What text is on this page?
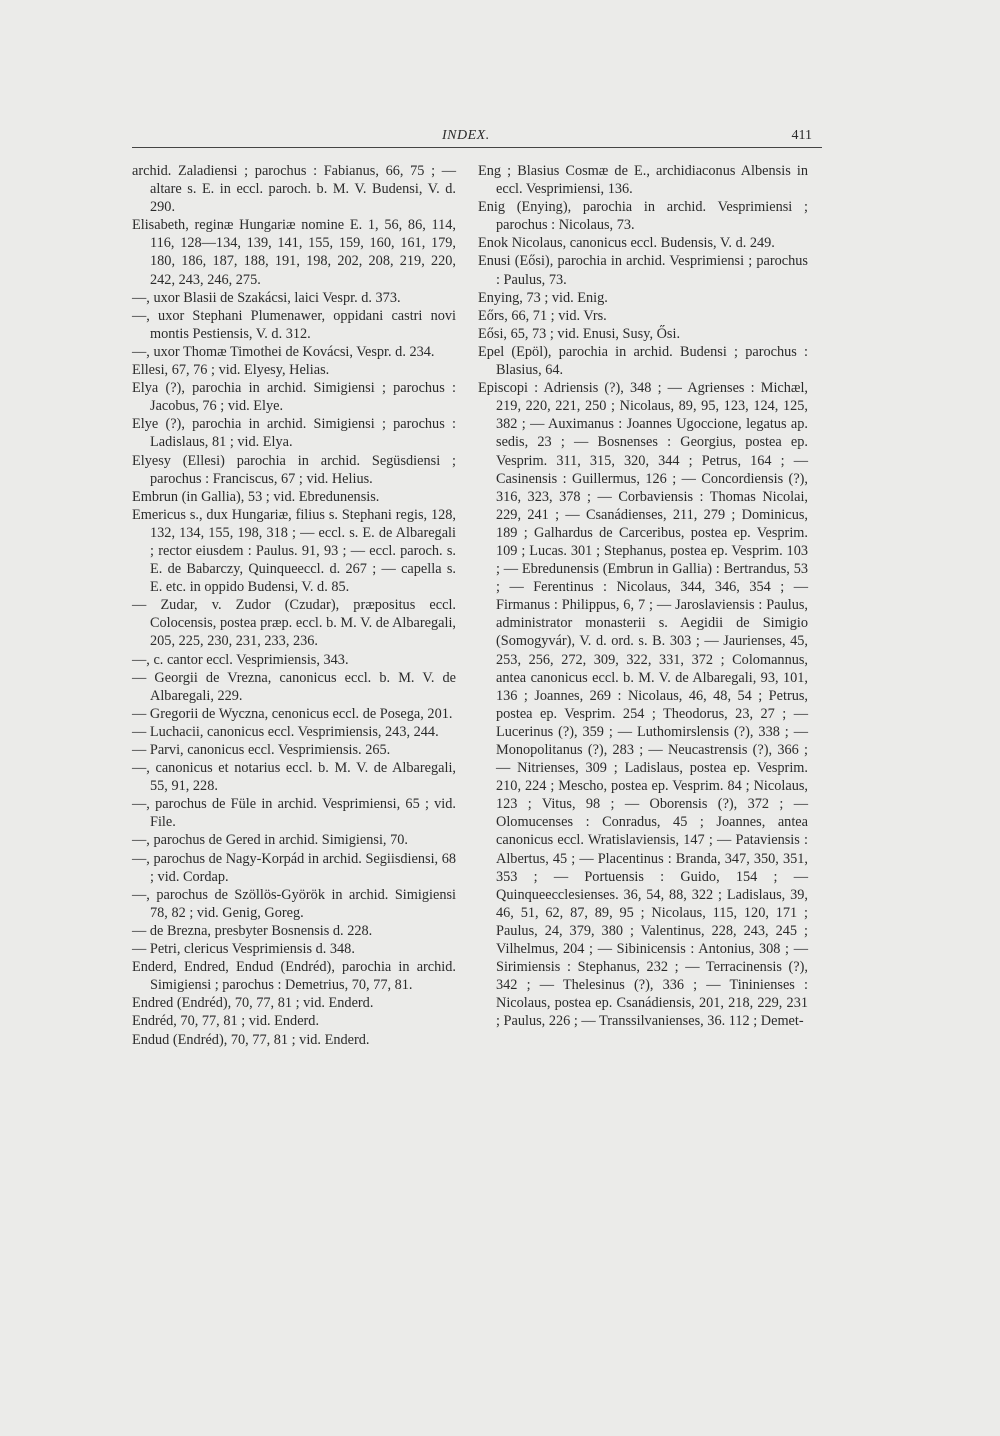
INDEX.	411

archid. Zaladiensi ; parochus : Fabianus, 66, 75 ; — altare s. E. in eccl. paroch. b. M. V. Budensi, V. d. 290.

Elisabeth, reginæ Hungariæ nomine E. 1, 56, 86, 114, 116, 128—134, 139, 141, 155, 159, 160, 161, 179, 180, 186, 187, 188, 191, 198, 202, 208, 219, 220, 242, 243, 246, 275.

—, uxor Blasii de Szakácsi, laici Vespr. d. 373.

—, uxor Stephani Plumenawer, oppidani castri novi montis Pestiensis, V. d. 312.

—, uxor Thomæ Timothei de Kovácsi, Vespr. d. 234.

Ellesi, 67, 76 ; vid. Elyesy, Helias.

Elya (?), parochia in archid. Simigiensi ; parochus : Jacobus, 76 ; vid. Elye.

Elye (?), parochia in archid. Simigiensi ; parochus : Ladislaus, 81 ; vid. Elya.

Elyesy (Ellesi) parochia in archid. Següsdiensi ; parochus : Franciscus, 67 ; vid. Helius.

Embrun (in Gallia), 53 ; vid. Ebredunensis.

Emericus s., dux Hungariæ, filius s. Stephani regis, 128, 132, 134, 155, 198, 318 ; — eccl. s. E. de Albaregali ; rector eiusdem : Paulus. 91, 93 ; — eccl. paroch. s. E. de Babarczy, Quinqueeccl. d. 267 ; — capella s. E. etc. in oppido Budensi, V. d. 85.

— Zudar, v. Zudor (Czudar), præpositus eccl. Colocensis, postea præp. eccl. b. M. V. de Albaregali, 205, 225, 230, 231, 233, 236.

—, c. cantor eccl. Vesprimiensis, 343.

— Georgii de Vrezna, canonicus eccl. b. M. V. de Albaregali, 229.

— Gregorii de Wyczna, cenonicus eccl. de Posega, 201.

— Luchacii, canonicus eccl. Vesprimiensis, 243, 244.

— Parvi, canonicus eccl. Vesprimiensis. 265.

—, canonicus et notarius eccl. b. M. V. de Albaregali, 55, 91, 228.

—, parochus de Füle in archid. Vesprimiensi, 65 ; vid. File.

—, parochus de Gered in archid. Simigiensi, 70.

—, parochus de Nagy-Korpád in archid. Segiisdiensi, 68 ; vid. Cordap.

—, parochus de Szöllös-Györök in archid. Simigiensi 78, 82 ; vid. Genig, Goreg.

— de Brezna, presbyter Bosnensis d. 228.

— Petri, clericus Vesprimiensis d. 348.

Enderd, Endred, Endud (Endréd), parochia in archid. Simigiensi ; parochus : Demetrius, 70, 77, 81.

Endred (Endréd), 70, 77, 81 ; vid. Enderd.

Endréd, 70, 77, 81 ; vid. Enderd.

Endud (Endréd), 70, 77, 81 ; vid. Enderd.

Eng ; Blasius Cosmæ de E., archidiaconus Albensis in eccl. Vesprimiensi, 136.

Enig (Enying), parochia in archid. Vesprimiensi ; parochus : Nicolaus, 73.

Enok Nicolaus, canonicus eccl. Budensis, V. d. 249.

Enusi (Eősi), parochia in archid. Vesprimiensi ; parochus : Paulus, 73.

Enying, 73 ; vid. Enig.

Eőrs, 66, 71 ; vid. Vrs.

Eősi, 65, 73 ; vid. Enusi, Susy, Ősi.

Epel (Epöl), parochia in archid. Budensi ; parochus : Blasius, 64.

Episcopi : Adriensis (?), 348 ; — Agrienses : Michæl, 219, 220, 221, 250 ; Nicolaus, 89, 95, 123, 124, 125, 382 ; — Auximanus : Joannes Ugoccione, legatus ap. sedis, 23 ; — Bosnenses : Georgius, postea ep. Vesprim. 311, 315, 320, 344 ; Petrus, 164 ; — Casinensis : Guillermus, 126 ; — Concordiensis (?), 316, 323, 378 ; — Corbaviensis : Thomas Nicolai, 229, 241 ; — Csanádienses, 211, 279 ; Dominicus, 189 ; Galhardus de Carceribus, postea ep. Vesprim. 109 ; Lucas. 301 ; Stephanus, postea ep. Vesprim. 103 ; — Ebredunensis (Embrun in Gallia) : Bertrandus, 53 ; — Ferentinus : Nicolaus, 344, 346, 354 ; — Firmanus : Philippus, 6, 7 ; — Jaroslaviensis : Paulus, administrator monasterii s. Aegidii de Simigio (Somogyvár), V. d. ord. s. B. 303 ; — Jaurienses, 45, 253, 256, 272, 309, 322, 331, 372 ; Colomannus, antea canonicus eccl. b. M. V. de Albaregali, 93, 101, 136 ; Joannes, 269 : Nicolaus, 46, 48, 54 ; Petrus, postea ep. Vesprim. 254 ; Theodorus, 23, 27 ; — Lucerinus (?), 359 ; — Luthomirslensis (?), 338 ; — Monopolitanus (?), 283 ; — Neucastrensis (?), 366 ; — Nitrienses, 309 ; Ladislaus, postea ep. Vesprim. 210, 224 ; Mescho, postea ep. Vesprim. 84 ; Nicolaus, 123 ; Vitus, 98 ; — Oborensis (?), 372 ; — Olomucenses : Conradus, 45 ; Joannes, antea canonicus eccl. Wratislaviensis, 147 ; — Pataviensis : Albertus, 45 ; — Placentinus : Branda, 347, 350, 351, 353 ; — Portuensis : Guido, 154 ; — Quinqueecclesienses. 36, 54, 88, 322 ; Ladislaus, 39, 46, 51, 62, 87, 89, 95 ; Nicolaus, 115, 120, 171 ; Paulus, 24, 379, 380 ; Valentinus, 228, 243, 245 ; Vilhelmus, 204 ; — Sibinicensis : Antonius, 308 ; — Sirimiensis : Stephanus, 232 ; — Terracinensis (?), 342 ; — Thelesinus (?), 336 ; — Tininienses : Nicolaus, postea ep. Csanádiensis, 201, 218, 229, 231 ; Paulus, 226 ; — Transsilvanienses, 36. 112 ; Demet-
